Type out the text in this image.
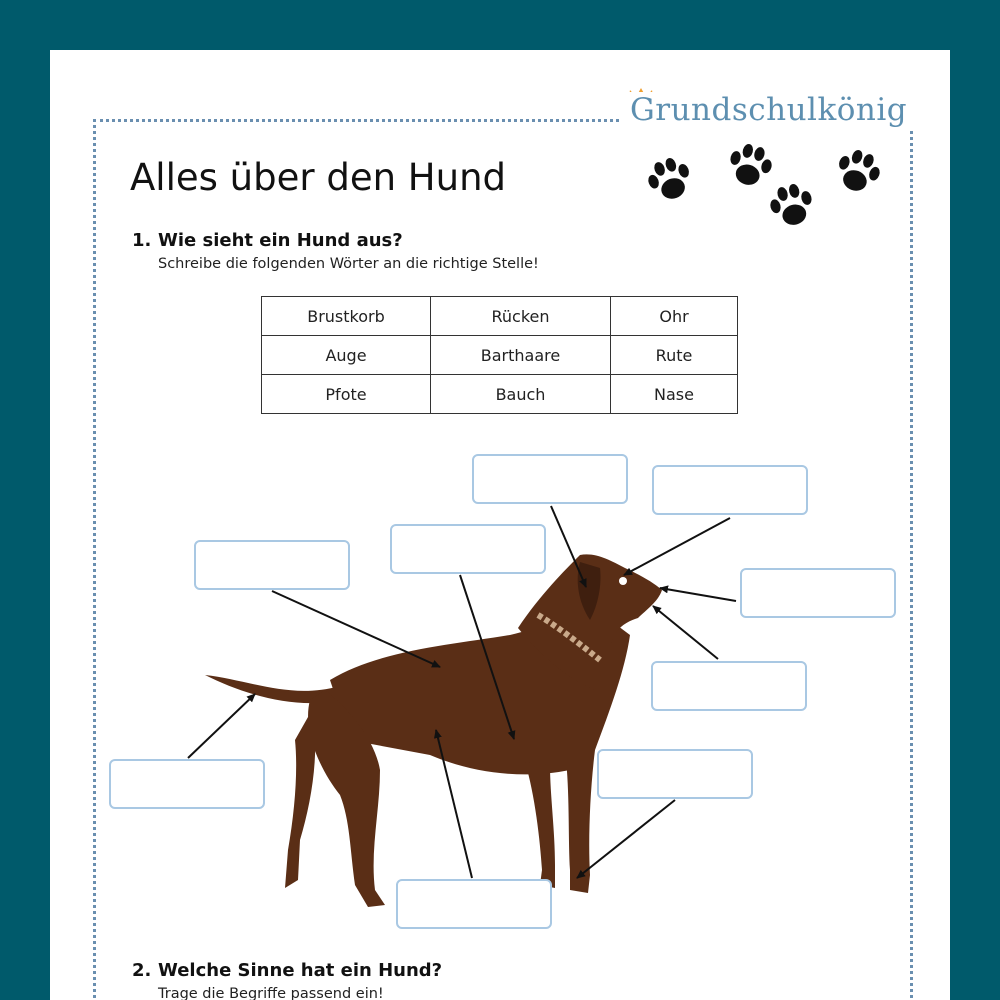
Grundschulkönig
Alles über den Hund
1. Wie sieht ein Hund aus?
Schreibe die folgenden Wörter an die richtige Stelle!
Brustkorb	Rücken	Ohr
Auge	Barthaare	Rute
Pfote	Bauch	Nase
2. Welche Sinne hat ein Hund?
Trage die Begriffe passend ein!
